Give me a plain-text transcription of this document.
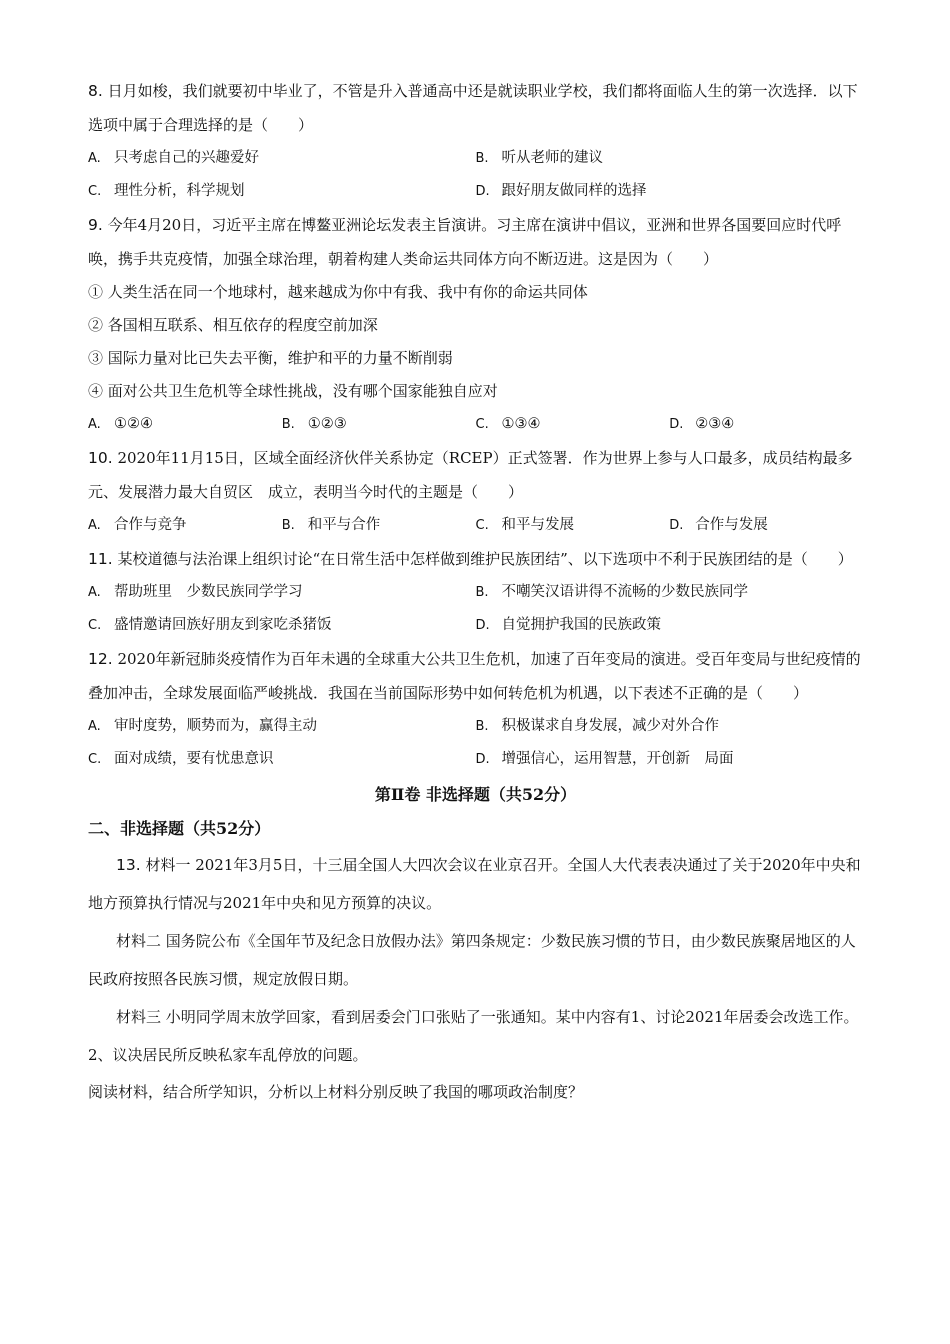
8. 日月如梭，我们就要初中毕业了，不管是升入普通高中还是就读职业学校，我们都将面临人生的第一次选择．以下选项中属于合理选择的是（　　）
A. 只考虑自己的兴趣爱好	B. 听从老师的建议
C. 理性分析，科学规划	D. 跟好朋友做同样的选择
9. 今年4月20日，习近平主席在博鳌亚洲论坛发表主旨演讲。习主席在演讲中倡议，亚洲和世界各国要回应时代呼唤，携手共克疫情，加强全球治理，朝着构建人类命运共同体方向不断迈进。这是因为（　　）
① 人类生活在同一个地球村，越来越成为你中有我、我中有你的命运共同体
② 各国相互联系、相互依存的程度空前加深
③ 国际力量对比已失去平衡，维护和平的力量不断削弱
④ 面对公共卫生危机等全球性挑战，没有哪个国家能独自应对
A. ①②④	B. ①②③	C. ①③④	D. ②③④
10. 2020年11月15日，区域全面经济伙伴关系协定（RCEP）正式签署．作为世界上参与人口最多，成员结构最多元、发展潜力最大自贸区　成立，表明当今时代的主题是（　　）
A. 合作与竞争	B. 和平与合作	C. 和平与发展	D. 合作与发展
11. 某校道德与法治课上组织讨论“在日常生活中怎样做到维护民族团结”、以下选项中不利于民族团结的是（　　）
A. 帮助班里　少数民族同学学习	B. 不嘲笑汉语讲得不流畅的少数民族同学
C. 盛情邀请回族好朋友到家吃杀猪饭	D. 自觉拥护我国的民族政策
12. 2020年新冠肺炎疫情作为百年未遇的全球重大公共卫生危机，加速了百年变局的演进。受百年变局与世纪疫情的叠加冲击，全球发展面临严峻挑战．我国在当前国际形势中如何转危机为机遇，以下表述不正确的是（　　）
A. 审时度势，顺势而为，赢得主动	B. 积极谋求自身发展，减少对外合作
C. 面对成绩，要有忧患意识	D. 增强信心，运用智慧，开创新　局面
第Ⅱ卷 非选择题（共52分）
二、非选择题（共52分）
13. 材料一 2021年3月5日，十三届全国人大四次会议在业京召开。全国人大代表表决通过了关于2020年中央和地方预算执行情况与2021年中央和见方预算的决议。
材料二 国务院公布《全国年节及纪念日放假办法》第四条规定：少数民族习惯的节日，由少数民族聚居地区的人民政府按照各民族习惯，规定放假日期。
材料三 小明同学周末放学回家，看到居委会门口张贴了一张通知。某中内容有1、讨论2021年居委会改选工作。2、议决居民所反映私家车乱停放的问题。
阅读材料，结合所学知识，分析以上材料分别反映了我国的哪项政治制度？
